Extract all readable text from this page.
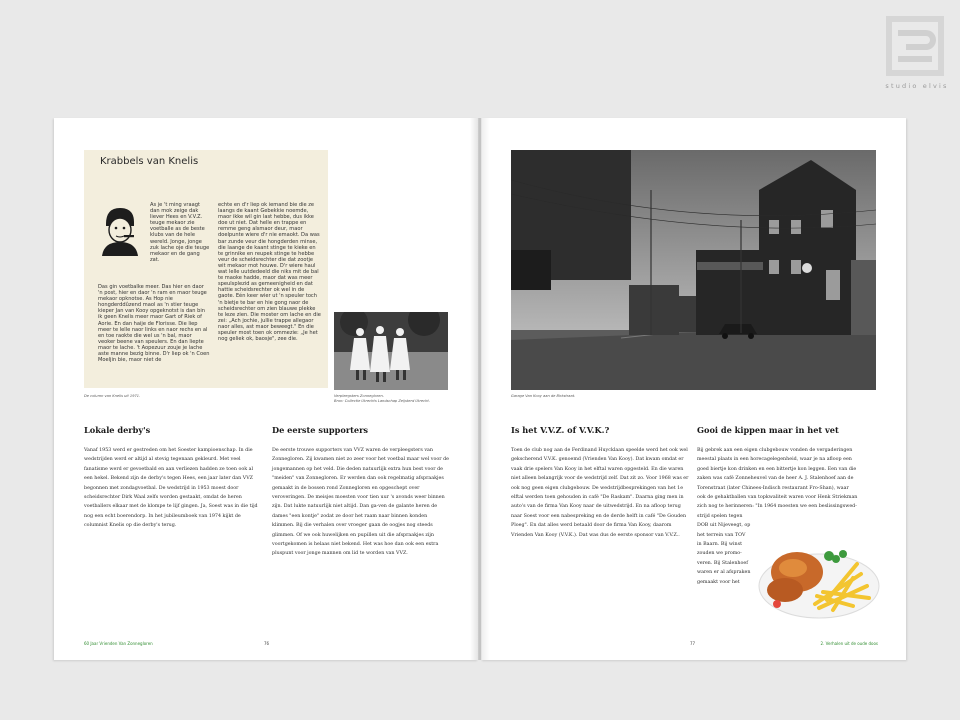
studio elvis
Krabbels van Knelis
As je 't ming vraagt dan mok zeige dak liever Hees en V.V.Z. teuge mekaor zie voetballe as de beste klubs van de hele wereld. Jonge, jonge zuk lache oje die teuge mekaor en de gang zat.
Das gin voetbalke meer. Das hier en daor 'n post, hier en daor 'n ram en maor teuge mekaor opknotse. As Hop nie hongderddûzend maol as 'n stier teuge kieper Jan van Kooy opgeknotst is dan bin ik geen Knelis meer maor Gart of Riek of Aorie. En dan haije de Florisse. Die liep meer te lelle naor links en naor rechs en al en toe raokte die wel us 'n bal, maor veoker beene van speulers. En dan liepte maor te lache. 't Aopezuur zouje je lache aste manne bezig binne. D'r liep ok 'n Coen Moeljin bie, maor niet de
echte en d'r liep ok iemand bie die ze laangs de kaant Gebekkie noemde, maor ikke wil gin last hebbe, dus ikke doe ut niet. Dat helle en trappe en remme geng alsmaor deur, maor doelpunte wiere d'r nie emaokt. Da was bar zunde veur die hongderden minse, die laange de kaant stinge te kieke en te grinnike en reupek stinge te hebbe veur de scheidsrechter die dat zootje wit mekaor mot houwe. D'r wiere haul wat lelle uutdedeeld die niks mit de bal te maoke hadde, maor dat was meer speulsplezid as gemeenigheid en dat hattie scheidsrechter ok wel in de gaote. Eén keer wier ut 'n speuler toch 'n bietje te bar en hie gong naor de scheidsrechter om zien blauwe plekke te leze zien. Die moster om lache en die zei: „Ach jochie, jullie trappe allegaor naor alles, ast maor beweegt." En die speuler most toen ok ommezie: „Je het nog geliek ok, baosje", zee die.
De column van Knelis uit 1971.	Verpleegsters Zonnegloren.
Bron: Collectie Utrechts Landschap Zeijsterd Utrecht.
Lokale derby's
Vanaf 1953 werd er gestreden om het Soester kampioenschap. In die wedstrijden werd er altijd al stevig tegenaan gekleurd. Met veel fanatisme werd er gevoetbald en aan verliezen hadden ze toen ook al een hekel. Bekend zijn de derby's tegen Hees, een jaar later dan VVZ begonnen met zondagvoetbal. De wedstrijd in 1953 moest door scheidsrechter Dirk Waal zelfs worden gestaakt, omdat de heren voetballers elkaar met de klompe te lijf gingen. Ja, Soest was in die tijd nog een echt boerendorp. In het jubileumboek van 1974 kijkt de columnist Knelis op die derby's terug.
De eerste supporters
De eerste trouwe supporters van VVZ waren de verpleegsters van Zonnegloren. Zij kwamen niet zo zeer voor het voetbal maar wel voor de jongemannen op het veld. Die deden natuurlijk extra hun best voor de "meiden" van Zonnegloren. Er werden dan ook regelmatig afspraakjes gemaakt in de bossen rond Zonnegloren en opgeschept over veroveringen. De meisjes moesten voor tien uur 's avonds weer binnen zijn. Dat lukte natuurlijk niet altijd. Dan ga-ven de galante heren de dames "een kontje" zodat ze door het raam naar binnen konden klimmen. Bij die verhalen over vroeger gaan de oogjes nog steeds glimmen. Of we ook huwelijken en pupillen uit die afspraakjes zijn voortgekomen is helaas niet bekend. Het was hoe dan ook een extra pluspunt voor jonge mannen om lid te worden van VVZ.
60 Jaar Vrienden Van Zonnegloren	76
Garage Van Kooy aan de Birkstraat.
Is het V.V.Z. of V.V.K.?
Toen de club nog aan de Ferdinand Huycklaan speelde werd het ook wel gekscherend V.V.K. genoemd (Vrienden Van Kooy). Dat kwam omdat er vaak drie spelers Van Kooy in het elftal waren opgesteld. En die waren niet alleen belangrijk voor de wedstrijd zelf. Dat zit zo. Voor 1968 was er ook nog geen eigen clubgebouw. De wedstrijdbesprekingen van het 1e elftal werden toen gehouden in café "De Raskam". Daarna ging men in auto's van de firma Van Kooy naar de uitwedstrijd. En na afloop terug naar Soest voor een nabespreking en de derde helft in café "De Gouden Ploeg". En dat alles werd betaald door de firma Van Kooy, daarom Vrienden Van Kooy (V.V.K.). Dat was dus de eerste sponsor van V.V.Z..
Gooi de kippen maar in het vet
Bij gebrek aan een eigen clubgebouw vonden de vergaderingen
meestal plaats in een horecagelegenheid, waar je na afloop een
goed biertje kon drinken en een bittertje kon leggen. Een van die
zaken was café Zonneheuvel van de heer A. J. Stalenhoef aan de
Torenstraat (later Chinees-Indisch restaurant Fro-Shan), waar
ook de gehaktballen van topkwaliteit waren voor Henk Striekman
zich nog te herinneren: "In 1964 moesten we een beslissingswed-
strijd spelen tegen
DOB uit Nijeveegt, op
het terrein van TOV
in Baarn. Bij winst
zouden we promo-
veren. Bij Stalenhoef
waren er al afspraken
gemaakt voor het
77	2. Verhalen uit de oude doos
